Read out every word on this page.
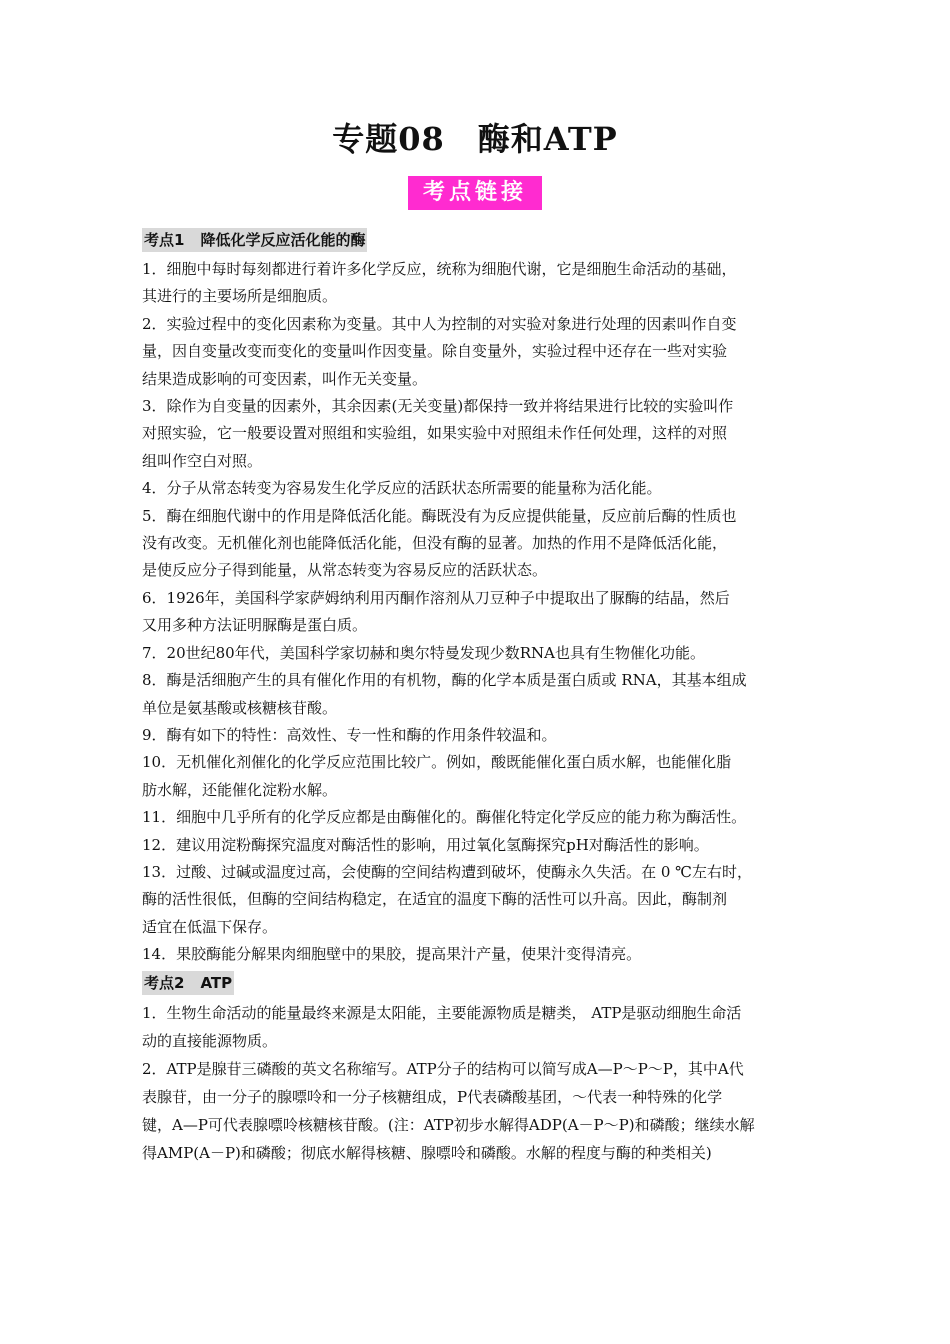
专题08　酶和ATP
考点链接
考点1 降低化学反应活化能的酶

1．细胞中每时每刻都进行着许多化学反应，统称为细胞代谢，它是细胞生命活动的基础，
其进行的主要场所是细胞质。

2．实验过程中的变化因素称为变量。其中人为控制的对实验对象进行处理的因素叫作自变
量，因自变量改变而变化的变量叫作因变量。除自变量外，实验过程中还存在一些对实验
结果造成影响的可变因素，叫作无关变量。

3．除作为自变量的因素外，其余因素(无关变量)都保持一致并将结果进行比较的实验叫作
对照实验，它一般要设置对照组和实验组，如果实验中对照组未作任何处理，这样的对照
组叫作空白对照。

4．分子从常态转变为容易发生化学反应的活跃状态所需要的能量称为活化能。

5．酶在细胞代谢中的作用是降低活化能。酶既没有为反应提供能量，反应前后酶的性质也
没有改变。无机催化剂也能降低活化能，但没有酶的显著。加热的作用不是降低活化能，
是使反应分子得到能量，从常态转变为容易反应的活跃状态。

6．1926年，美国科学家萨姆纳利用丙酮作溶剂从刀豆种子中提取出了脲酶的结晶，然后
又用多种方法证明脲酶是蛋白质。

7．20世纪80年代，美国科学家切赫和奥尔特曼发现少数RNA也具有生物催化功能。

8．酶是活细胞产生的具有催化作用的有机物，酶的化学本质是蛋白质或 RNA，其基本组成
单位是氨基酸或核糖核苷酸。

9．酶有如下的特性：高效性、专一性和酶的作用条件较温和。

10．无机催化剂催化的化学反应范围比较广。例如，酸既能催化蛋白质水解，也能催化脂
肪水解，还能催化淀粉水解。

11．细胞中几乎所有的化学反应都是由酶催化的。酶催化特定化学反应的能力称为酶活性。

12．建议用淀粉酶探究温度对酶活性的影响，用过氧化氢酶探究pH对酶活性的影响。

13．过酸、过碱或温度过高，会使酶的空间结构遭到破坏，使酶永久失活。在 0 ℃左右时，
酶的活性很低，但酶的空间结构稳定，在适宜的温度下酶的活性可以升高。因此，酶制剂
适宜在低温下保存。

14．果胶酶能分解果肉细胞壁中的果胶，提高果汁产量，使果汁变得清亮。

考点2 ATP

1．生物生命活动的能量最终来源是太阳能，主要能源物质是糖类， ATP是驱动细胞生命活
动的直接能源物质。

2．ATP是腺苷三磷酸的英文名称缩写。ATP分子的结构可以简写成A—P～P～P，其中A代
表腺苷，由一分子的腺嘌呤和一分子核糖组成，P代表磷酸基团，～代表一种特殊的化学
键，A—P可代表腺嘌呤核糖核苷酸。(注：ATP初步水解得ADP(A－P～P)和磷酸；继续水解
得AMP(A－P)和磷酸；彻底水解得核糖、腺嘌呤和磷酸。水解的程度与酶的种类相关)
